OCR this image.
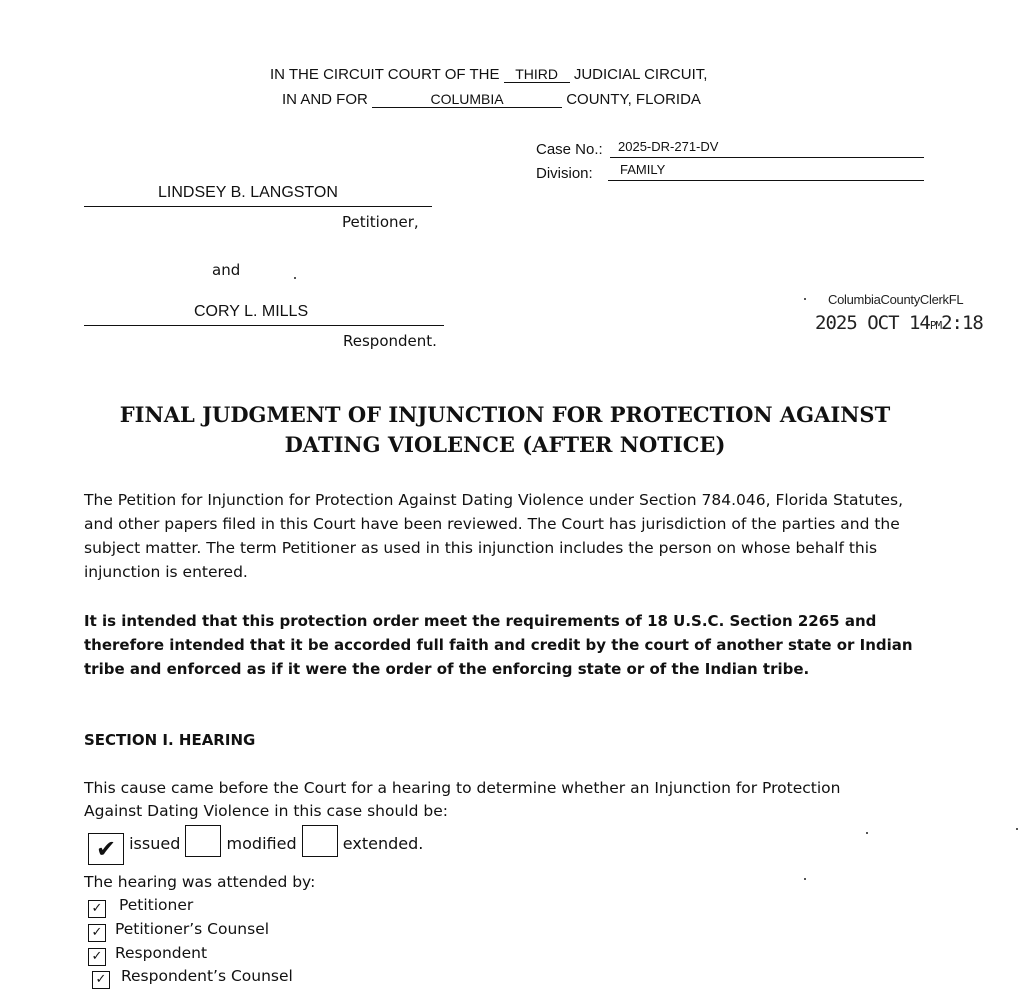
IN THE CIRCUIT COURT OF THE THIRD JUDICIAL CIRCUIT,
IN AND FOR	COLUMBIA	COUNTY, FLORIDA
Case No.: 2025-DR-271-DV
Division: FAMILY
LINDSEY B. LANGSTON
Petitioner,
and
CORY L. MILLS
Respondent.
ColumbiaCountyClerkFL
2025 OCT 14PM2:18
FINAL JUDGMENT OF INJUNCTION FOR PROTECTION AGAINST
DATING VIOLENCE (AFTER NOTICE)
The Petition for Injunction for Protection Against Dating Violence under Section 784.046, Florida Statutes, and other papers filed in this Court have been reviewed. The Court has jurisdiction of the parties and the subject matter. The term Petitioner as used in this injunction includes the person on whose behalf this injunction is entered.
It is intended that this protection order meet the requirements of 18 U.S.C. Section 2265 and therefore intended that it be accorded full faith and credit by the court of another state or Indian tribe and enforced as if it were the order of the enforcing state or of the Indian tribe.
SECTION I. HEARING
This cause came before the Court for a hearing to determine whether an Injunction for Protection Against Dating Violence in this case should be:
✔ issued	modified	extended.
The hearing was attended by:
✓ Petitioner
✓ Petitioner’s Counsel
✓ Respondent
✓ Respondent’s Counsel
